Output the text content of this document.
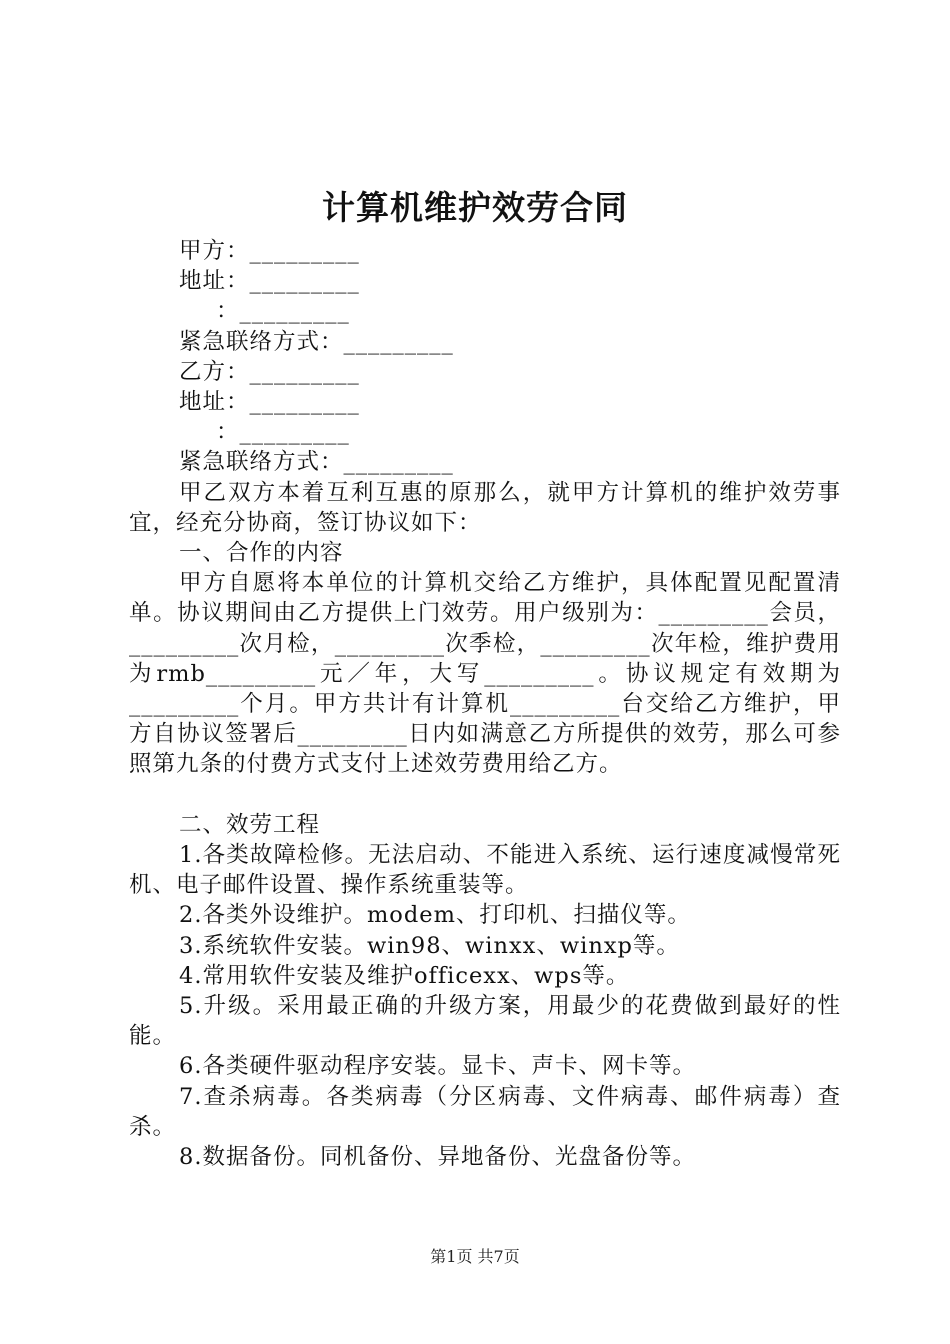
计算机维护效劳合同
甲方：_________
地址：_________
：_________
紧急联络方式：_________
乙方：_________
地址：_________
：_________
紧急联络方式：_________
甲乙双方本着互利互惠的原那么，就甲方计算机的维护效劳事宜，经充分协商，签订协议如下：
一、合作的内容
甲方自愿将本单位的计算机交给乙方维护，具体配置见配置清单。协议期间由乙方提供上门效劳。用户级别为：_________会员，_________次月检，_________次季检，_________次年检，维护费用为rmb_________元／年，大写_________。协议规定有效期为_________个月。甲方共计有计算机_________台交给乙方维护，甲方自协议签署后_________日内如满意乙方所提供的效劳，那么可参照第九条的付费方式支付上述效劳费用给乙方。
二、效劳工程
1.各类故障检修。无法启动、不能进入系统、运行速度减慢常死机、电子邮件设置、操作系统重装等。
2.各类外设维护。modem、打印机、扫描仪等。
3.系统软件安装。win98、winxx、winxp等。
4.常用软件安装及维护officexx、wps等。
5.升级。采用最正确的升级方案，用最少的花费做到最好的性能。
6.各类硬件驱动程序安装。显卡、声卡、网卡等。
7.查杀病毒。各类病毒（分区病毒、文件病毒、邮件病毒）查杀。
8.数据备份。同机备份、异地备份、光盘备份等。
第1页 共7页
